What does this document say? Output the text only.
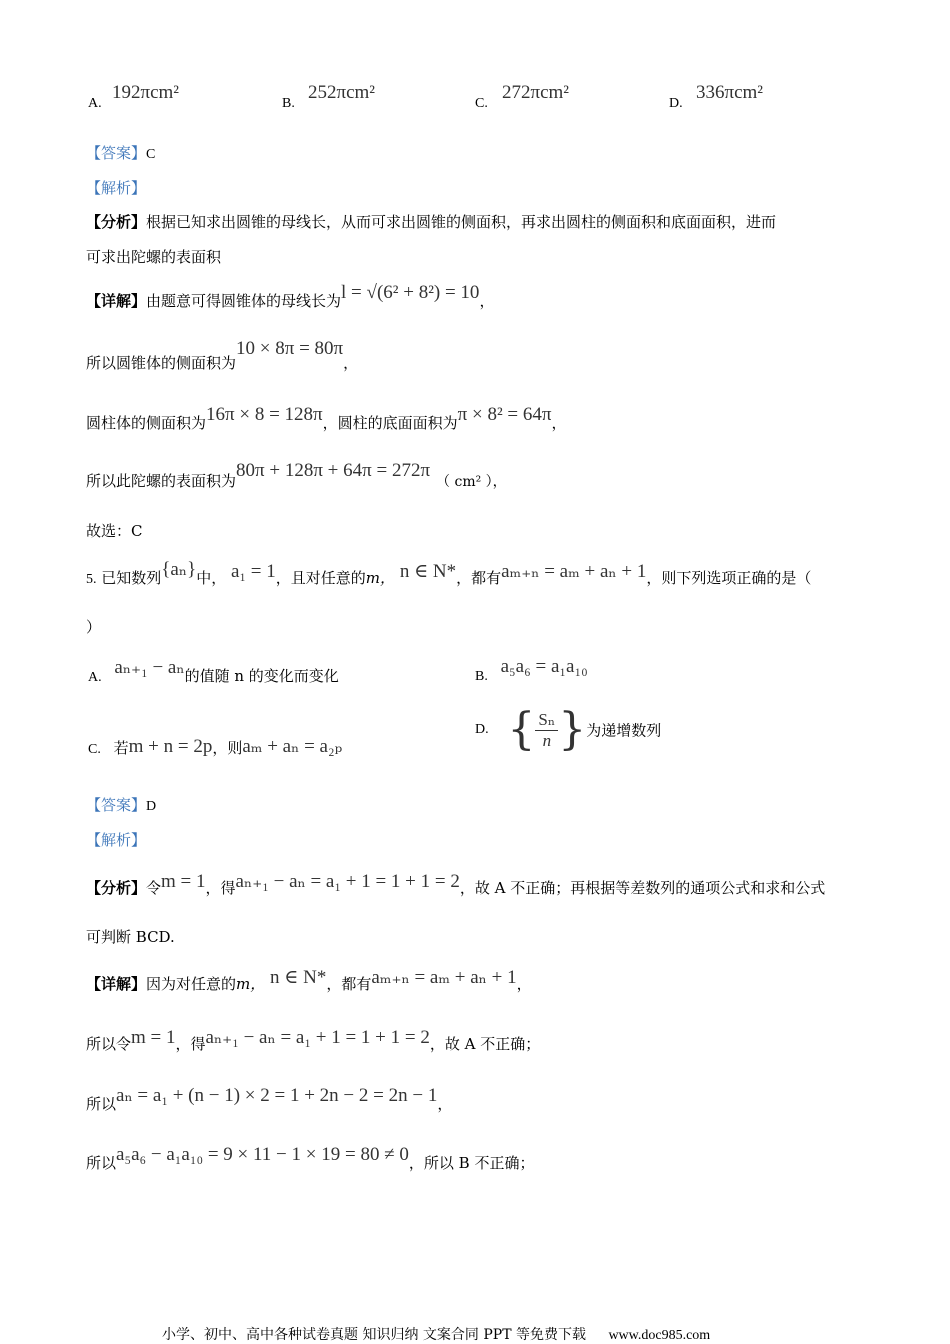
A.
192πcm²
B.
252πcm²
C.
272πcm²
D.
336πcm²
【答案】C
【解析】
【分析】根据已知求出圆锥的母线长，从而可求出圆锥的侧面积，再求出圆柱的侧面积和底面面积，进而
可求出陀螺的表面积
【详解】由题意可得圆锥体的母线长为l = √(6² + 8²) = 10，
所以圆锥体的侧面积为10 × 8π = 80π，
圆柱体的侧面积为16π × 8 = 128π，圆柱的底面面积为π × 8² = 64π，
所以此陀螺的表面积为80π + 128π + 64π = 272π（ cm² ），
故选：C
5. 已知数列{aₙ}中， a₁ = 1，且对任意的m， n ∈ N*，都有aₘ₊ₙ = aₘ + aₙ + 1，则下列选项正确的是（
）
A. aₙ₊₁ − aₙ的值随 n 的变化而变化	B. a₅a₆ = a₁a₁₀
C. 若m + n = 2p，则aₘ + aₙ = a₂ₚ
D. { $\frac{\text{Sₙ}}{n}$ }为递增数列
【答案】D
【解析】
【分析】令m = 1，得aₙ₊₁ − aₙ = a₁ + 1 = 1 + 1 = 2，故 A 不正确；再根据等差数列的通项公式和求和公式
可判断 BCD.
【详解】因为对任意的m， n ∈ N*，都有aₘ₊ₙ = aₘ + aₙ + 1，
所以令m = 1，得aₙ₊₁ − aₙ = a₁ + 1 = 1 + 1 = 2，故 A 不正确；
所以aₙ = a₁ + (n − 1) × 2 = 1 + 2n − 2 = 2n − 1，
所以a₅a₆ − a₁a₁₀ = 9 × 11 − 1 × 19 = 80 ≠ 0，所以 B 不正确；
小学、初中、高中各种试卷真题 知识归纳 文案合同 PPT 等免费下载 www.doc985.com
